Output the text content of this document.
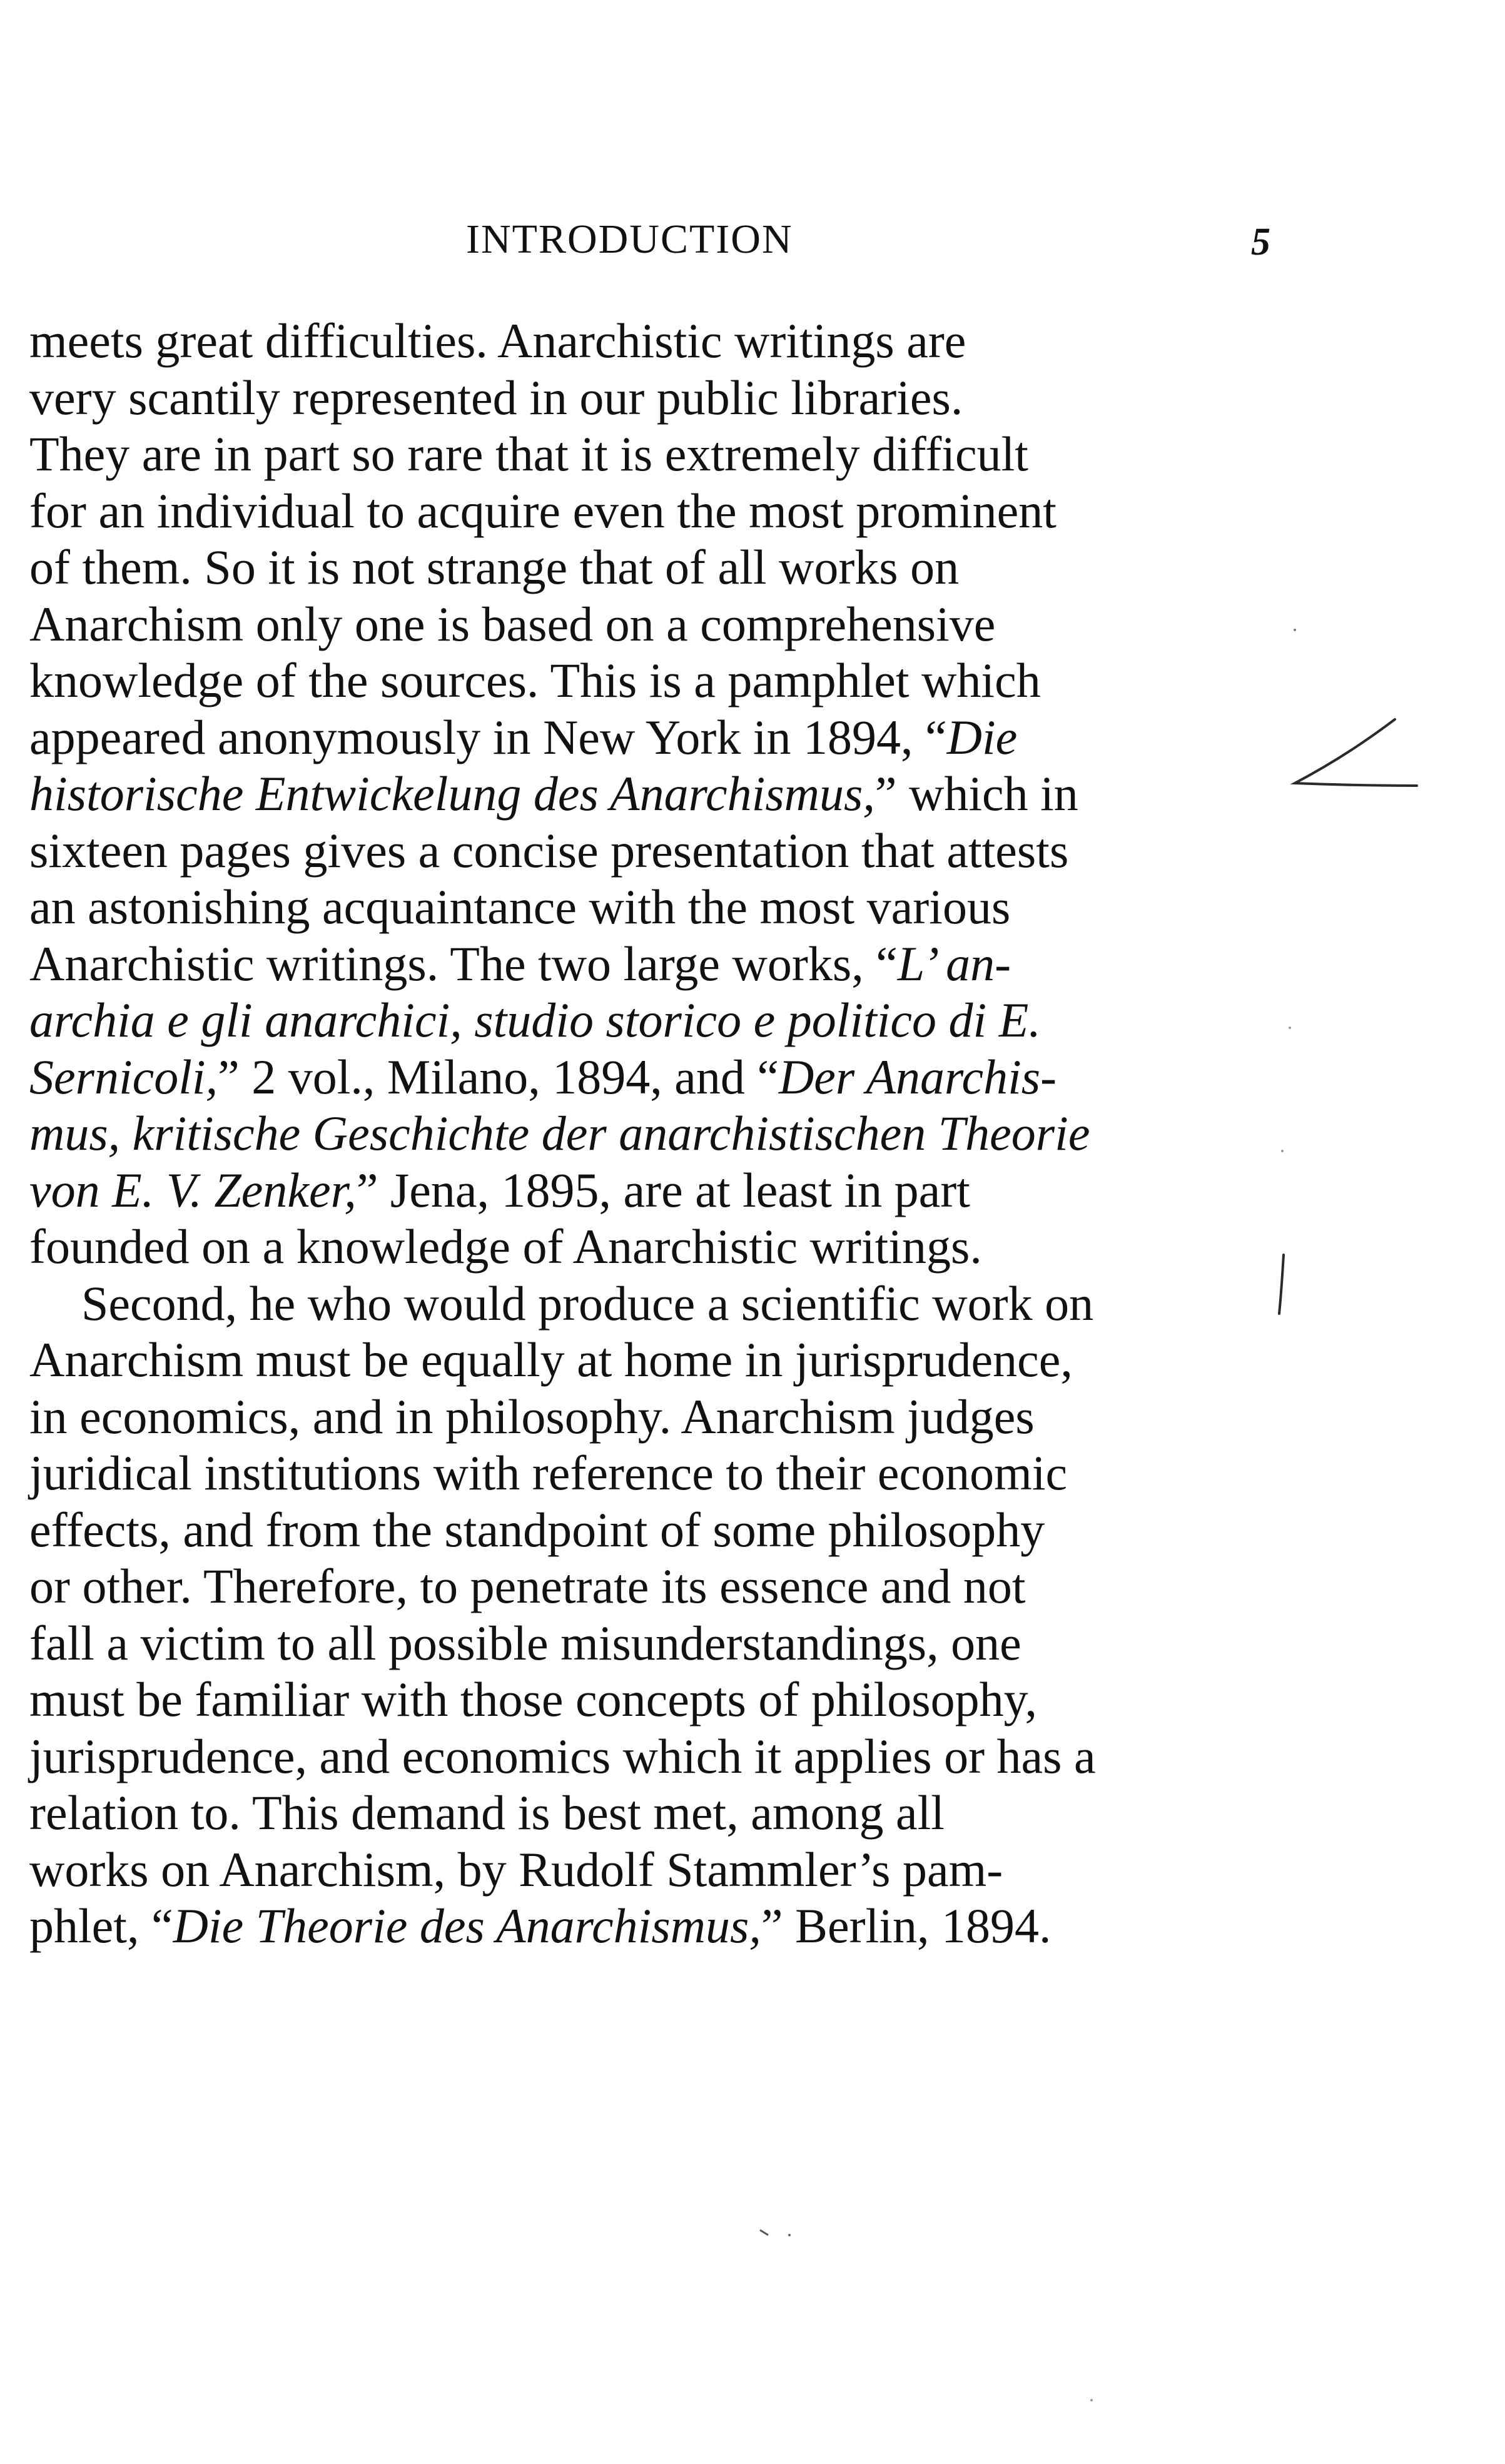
INTRODUCTION	5
meets great difficulties. Anarchistic writings are
very scantily represented in our public libraries.
They are in part so rare that it is extremely difficult
for an individual to acquire even the most prominent
of them. So it is not strange that of all works on
Anarchism only one is based on a comprehensive
knowledge of the sources. This is a pamphlet which
appeared anonymously in New York in 1894, “Die
historische Entwickelung des Anarchismus,” which in
sixteen pages gives a concise presentation that attests
an astonishing acquaintance with the most various
Anarchistic writings. The two large works, “L’ an-
archia e gli anarchici, studio storico e politico di E.
Sernicoli,” 2 vol., Milano, 1894, and “Der Anarchis-
mus, kritische Geschichte der anarchistischen Theorie
von E. V. Zenker,” Jena, 1895, are at least in part
founded on a knowledge of Anarchistic writings.
Second, he who would produce a scientific work on
Anarchism must be equally at home in jurisprudence,
in economics, and in philosophy. Anarchism judges
juridical institutions with reference to their economic
effects, and from the standpoint of some philosophy
or other. Therefore, to penetrate its essence and not
fall a victim to all possible misunderstandings, one
must be familiar with those concepts of philosophy,
jurisprudence, and economics which it applies or has a
relation to. This demand is best met, among all
works on Anarchism, by Rudolf Stammler’s pam-
phlet, “Die Theorie des Anarchismus,” Berlin, 1894.
